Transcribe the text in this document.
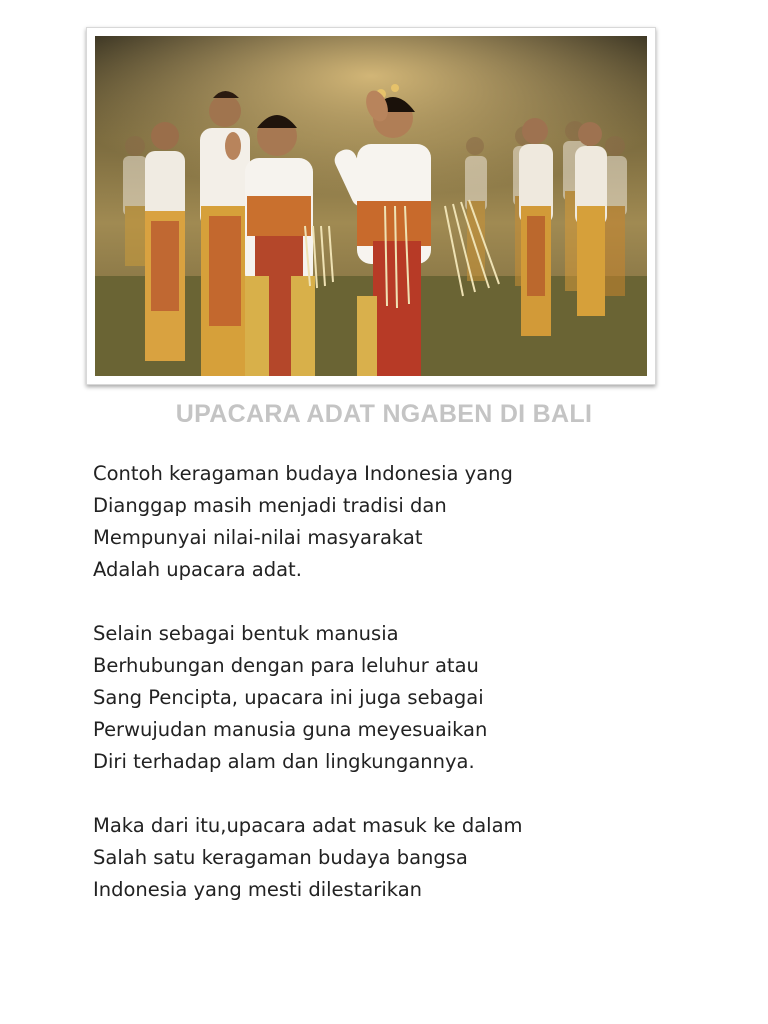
UPACARA ADAT NGABEN DI BALI

Contoh keragaman budaya Indonesia yang
Dianggap masih menjadi tradisi dan
Mempunyai nilai-nilai masyarakat
Adalah upacara adat.

Selain sebagai bentuk manusia
Berhubungan dengan para leluhur atau
Sang Pencipta, upacara ini juga sebagai
Perwujudan manusia guna meyesuaikan
Diri terhadap alam dan lingkungannya.

Maka dari itu,upacara adat masuk ke dalam
Salah satu keragaman budaya bangsa
Indonesia yang mesti dilestarikan
